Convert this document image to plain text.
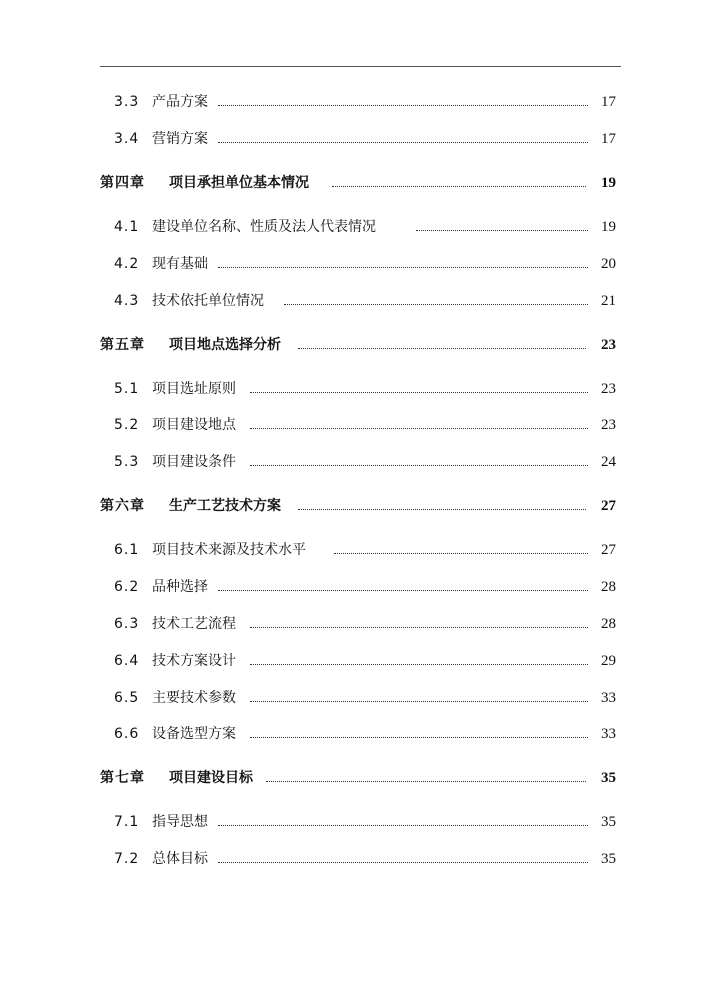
3.3 产品方案	17
3.4 营销方案	17
第四章 项目承担单位基本情况	19
4.1 建设单位名称、性质及法人代表情况	19
4.2 现有基础	20
4.3 技术依托单位情况	21
第五章 项目地点选择分析	23
5.1 项目选址原则	23
5.2 项目建设地点	23
5.3 项目建设条件	24
第六章 生产工艺技术方案	27
6.1 项目技术来源及技术水平	27
6.2 品种选择	28
6.3 技术工艺流程	28
6.4 技术方案设计	29
6.5 主要技术参数	33
6.6 设备选型方案	33
第七章 项目建设目标	35
7.1 指导思想	35
7.2 总体目标	35
